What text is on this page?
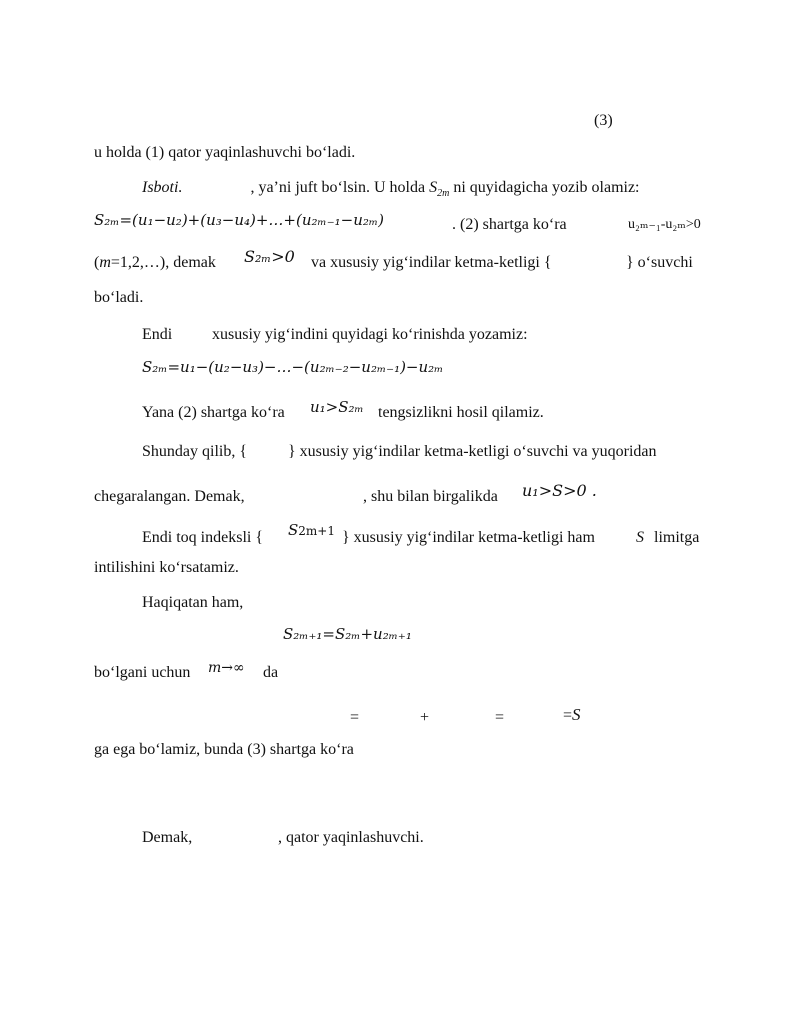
(3)
u holda (1) qator yaqinlashuvchi bo‘ladi.
Isboti.	, ya’ni juft bo‘lsin. U holda $S_{2m}$ ni quyidagicha yozib olamiz:
S₂ₘ=(u₁−u₂)+(u₃−u₄)+…+(u₂ₘ₋₁−u₂ₘ)	. (2) shartga ko‘ra	u₂ₘ₋₁-u₂ₘ>0
(m=1,2,…), demak S₂ₘ>0 va xususiy yig‘indilar ketma-ketligi {	} o‘suvchi
bo‘ladi.
Endi xususiy yig‘indini quyidagi ko‘rinishda yozamiz:
S₂ₘ=u₁−(u₂−u₃)−…−(u₂ₘ₋₂−u₂ₘ₋₁)−u₂ₘ
Yana (2) shartga ko‘ra u₁>S₂ₘ tengsizlikni hosil qilamiz.
Shunday qilib, {	} xususiy yig‘indilar ketma-ketligi o‘suvchi va yuqoridan
chegaralangan. Demak,	, shu bilan birgalikda u₁>S>0 .
Endi toq indeksli { S2m+1 } xususiy yig‘indilar ketma-ketligi ham	S limitga
intilishini ko‘rsatamiz.
Haqiqatan ham,
S₂ₘ₊₁=S₂ₘ+u₂ₘ₊₁
bo‘lgani uchun m→∞ da
=	+	=	=S
ga ega bo‘lamiz, bunda (3) shartga ko‘ra
Demak,	, qator yaqinlashuvchi.
